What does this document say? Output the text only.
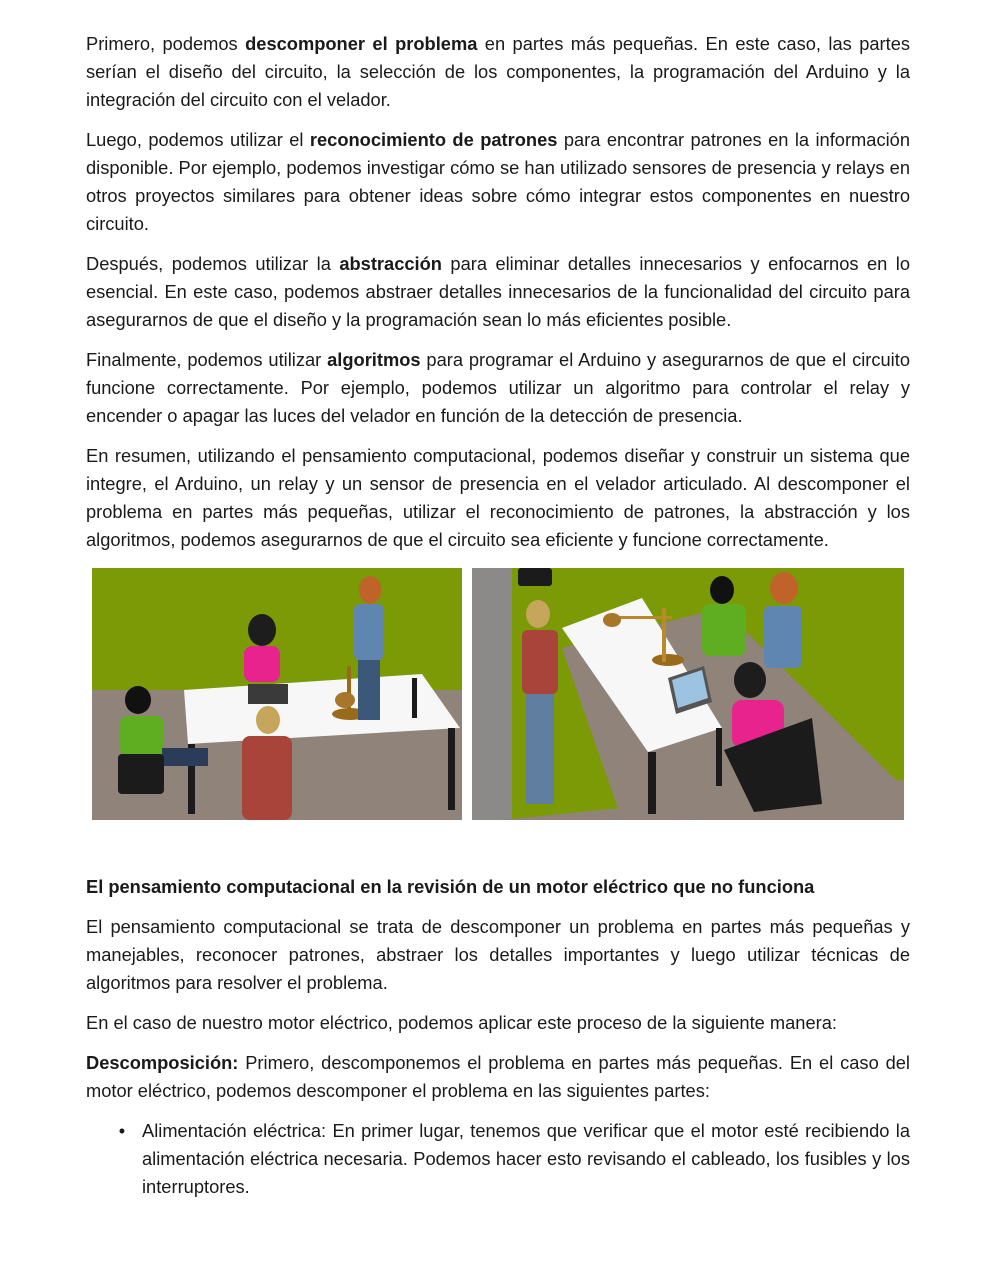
Primero, podemos descomponer el problema en partes más pequeñas. En este caso, las partes serían el diseño del circuito, la selección de los componentes, la programación del Arduino y la integración del circuito con el velador.

Luego, podemos utilizar el reconocimiento de patrones para encontrar patrones en la información disponible. Por ejemplo, podemos investigar cómo se han utilizado sensores de presencia y relays en otros proyectos similares para obtener ideas sobre cómo integrar estos componentes en nuestro circuito.

Después, podemos utilizar la abstracción para eliminar detalles innecesarios y enfocarnos en lo esencial. En este caso, podemos abstraer detalles innecesarios de la funcionalidad del circuito para asegurarnos de que el diseño y la programación sean lo más eficientes posible.

Finalmente, podemos utilizar algoritmos para programar el Arduino y asegurarnos de que el circuito funcione correctamente. Por ejemplo, podemos utilizar un algoritmo para controlar el relay y encender o apagar las luces del velador en función de la detección de presencia.

En resumen, utilizando el pensamiento computacional, podemos diseñar y construir un sistema que integre, el Arduino, un relay y un sensor de presencia en el velador articulado. Al descomponer el problema en partes más pequeñas, utilizar el reconocimiento de patrones, la abstracción y los algoritmos, podemos asegurarnos de que el circuito sea eficiente y funcione correctamente.

El pensamiento computacional en la revisión de un motor eléctrico que no funciona

El pensamiento computacional se trata de descomponer un problema en partes más pequeñas y manejables, reconocer patrones, abstraer los detalles importantes y luego utilizar técnicas de algoritmos para resolver el problema.

En el caso de nuestro motor eléctrico, podemos aplicar este proceso de la siguiente manera:

Descomposición: Primero, descomponemos el problema en partes más pequeñas. En el caso del motor eléctrico, podemos descomponer el problema en las siguientes partes:

• Alimentación eléctrica: En primer lugar, tenemos que verificar que el motor esté recibiendo la alimentación eléctrica necesaria. Podemos hacer esto revisando el cableado, los fusibles y los interruptores.
